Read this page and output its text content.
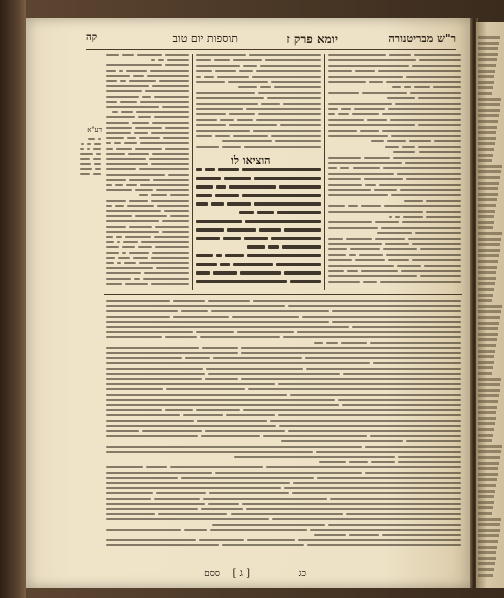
ר"ש מבריטנורה
יומא פרק ז
תוספות יום טוב
קה
הוציאו לו
דע"א
כג
[ ג ]
ססם
